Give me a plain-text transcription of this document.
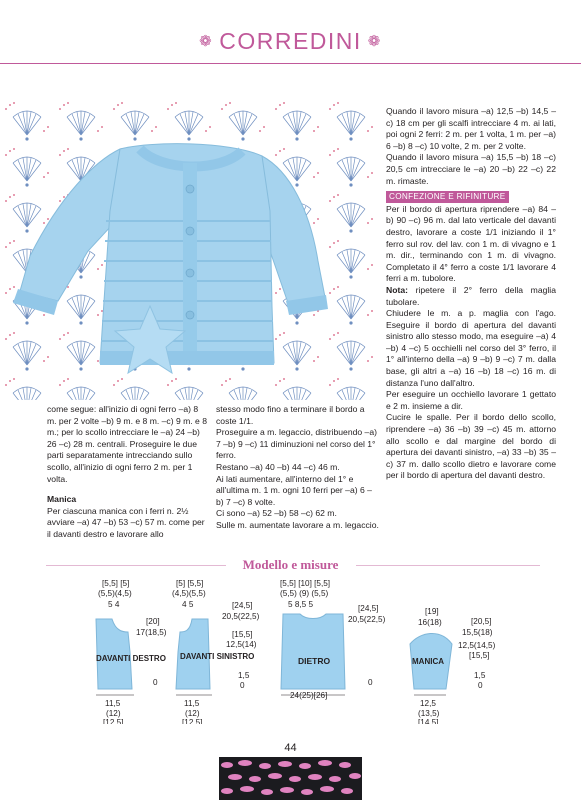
❁ CORREDINI ❁

Quando il lavoro misura –a) 12,5 –b) 14,5 –c) 18 cm per gli scalfi intrecciare 4 m. ai lati, poi ogni 2 ferri: 2 m. per 1 volta, 1 m. per –a) 6 –b) 8 –c) 10 volte, 2 m. per 2 volte.

Quando il lavoro misura –a) 15,5 –b) 18 –c) 20,5 cm intrecciare le –a) 20 –b) 22 –c) 22 m. rimaste.

CONFEZIONE E RIFINITURE

Per il bordo di apertura riprendere –a) 84 –b) 90 –c) 96 m. dal lato verticale del davanti destro, lavorare a coste 1/1 iniziando il 1° ferro sul rov. del lav. con 1 m. di vivagno e 1 m. dir., terminando con 1 m. di vivagno. Completato il 4° ferro a coste 1/1 lavorare 4 ferri a m. tubolore.

Nota: ripetere il 2° ferro della maglia tubolare.

Chiudere le m. a p. maglia con l'ago. Eseguire il bordo di apertura del davanti sinistro allo stesso modo, ma eseguire –a) 4 –b) 4 –c) 5 occhielli nel corso del 3° ferro, il 1° all'interno della –a) 9 –b) 9 –c) 7 m. dalla base, gli altri a –a) 16 –b) 18 –c) 16 m. di distanza l'uno dall'altro.

Per eseguire un occhiello lavorare 1 gettato e 2 m. insieme a dir.

Cucire le spalle. Per il bordo dello scollo, riprendere –a) 36 –b) 39 –c) 45 m. attorno allo scollo e dal margine del bordo di apertura dei davanti sinistro, –a) 33 –b) 35 –c) 37 m. dallo scollo dietro e lavorare come per il bordo di apertura del davanti destro.

come segue: all'inizio di ogni ferro –a) 8 m. per 2 volte –b) 9 m. e 8 m. –c) 9 m. e 8 m.; per lo scollo intrecciare le –a) 24 –b) 26 –c) 28 m. centrali. Proseguire le due parti separatamente intrecciando sullo scollo, all'inizio di ogni ferro 2 m. per 1 volta.

Manica

Per ciascuna manica con i ferri n. 2½ avviare –a) 47 –b) 53 –c) 57 m. come per il davanti destro e lavorare allo

stesso modo fino a terminare il bordo a coste 1/1.

Proseguire a m. legaccio, distribuendo –a) 7 –b) 9 –c) 11 diminuzioni nel corso del 1° ferro.

Restano –a) 40 –b) 44 –c) 46 m.

Ai lati aumentare, all'interno del 1° e all'ultima m. 1 m. ogni 10 ferri per –a) 6 –b) 7 –c) 8 volte.

Ci sono –a) 52 –b) 58 –c) 62 m.

Sulle m. aumentate lavorare a m. legaccio.

Modello e misure
DAVANTI DESTRO
[5,5] [5]
(5,5)(4,5)
5 4
[20]
17(18,5)
11,5
(12)
[12,5]
0
DAVANTI SINISTRO
[5] [5,5]
(4,5)(5,5)
4 5
11,5
(12)
[12,5]
[24,5]
20,5(22,5)
[15,5]
12,5(14)
1,5
0
DIETRO
[5,5] [10] [5,5]
(5,5) (9) (5,5)
5 8,5 5	[24,5]
20,5(22,5)
0
24(25)[26]
MANICA
[19]
16(18)	[20,5]
15,5(18)
12,5(14,5)
[15,5]
1,5
0
12,5
(13,5)
[14,5]
44
PassionForum.ru
